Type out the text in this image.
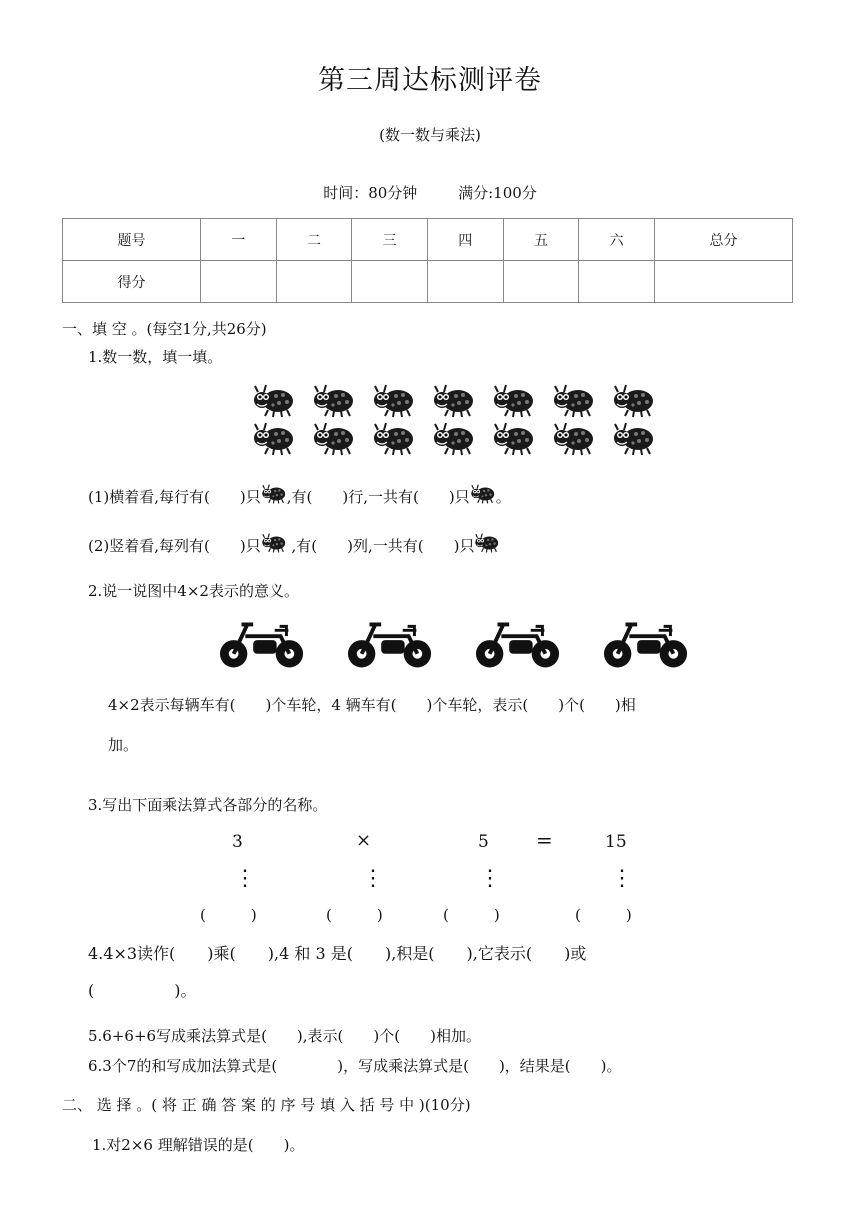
第三周达标测评卷
(数一数与乘法)
时间：80分钟	满分:100分
题号	一	二	三	四	五	六	总分
得分							
一、填 空 。(每空1分,共26分)
1.数一数，填一填。
(1)横着看,每行有(　　)只 ,有(　　)行,一共有(　　)只 。
(2)竖着看,每列有(　　)只 ,有(　　)列,一共有(　　)只
2.说一说图中4×2表示的意义。
4×2表示每辆车有(　　)个车轮，4 辆车有(　　)个车轮，表示(　　)个(　　)相
加。
3.写出下面乘法算式各部分的名称。
3	×	5 =	15
⋮	⋮	⋮	⋮
(　　　)	(　　　)	(　　　)	(　　　)
4.4×3读作(　　)乘(　　),4 和 3 是(　　),积是(　　),它表示(　　)或
(　　　　　)。
5.6+6+6写成乘法算式是(　　),表示(　　)个(　　)相加。
6.3个7的和写成加法算式是(　　　　)，写成乘法算式是(　　)，结果是(　　)。
二、 选 择 。( 将 正 确 答 案 的 序 号 填 入 括 号 中 )(10分)
1.对2×6 理解错误的是(　　)。
